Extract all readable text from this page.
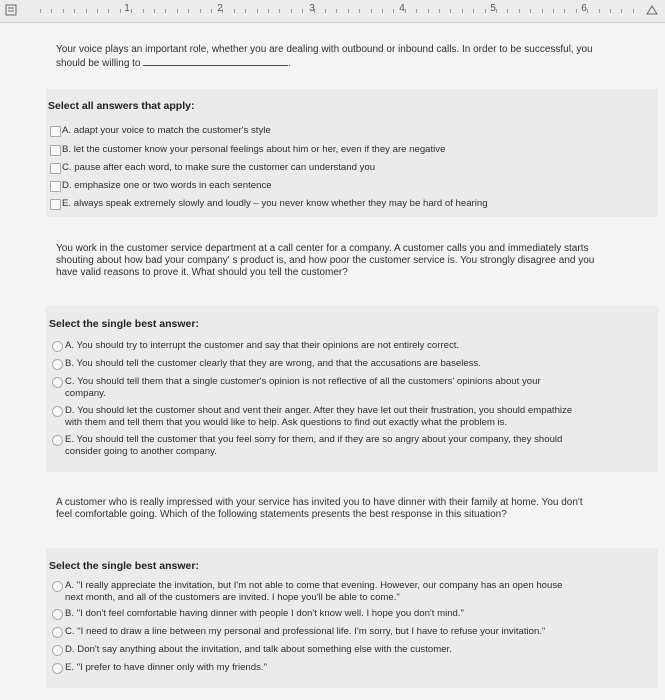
1	2	3	4	5	6
Your voice plays an important role, whether you are dealing with outbound or inbound calls. In order to be successful, you
should be willing to	.
Select all answers that apply:
A. adapt your voice to match the customer's style
B. let the customer know your personal feelings about him or her, even if they are negative
C. pause after each word, to make sure the customer can understand you
D. emphasize one or two words in each sentence
E. always speak extremely slowly and loudly – you never know whether they may be hard of hearing
You work in the customer service department at a call center for a company. A customer calls you and immediately starts
shouting about how bad your company' s product is, and how poor the customer service is. You strongly disagree and you
have valid reasons to prove it. What should you tell the customer?
Select the single best answer:
A. You should try to interrupt the customer and say that their opinions are not entirely correct.
B. You should tell the customer clearly that they are wrong, and that the accusations are baseless.
C. You should tell them that a single customer's opinion is not reflective of all the customers' opinions about your
company.
D. You should let the customer shout and vent their anger. After they have let out their frustration, you should empathize
with them and tell them that you would like to help. Ask questions to find out exactly what the problem is.
E. You should tell the customer that you feel sorry for them, and if they are so angry about your company, they should
consider going to another company.
A customer who is really impressed with your service has invited you to have dinner with their family at home. You don't
feel comfortable going. Which of the following statements presents the best response in this situation?
Select the single best answer:
A. "I really appreciate the invitation, but I'm not able to come that evening. However, our company has an open house
next month, and all of the customers are invited. I hope you'll be able to come."
B. "I don't feel comfortable having dinner with people I don't know well. I hope you don't mind."
C. "I need to draw a line between my personal and professional life. I'm sorry, but I have to refuse your invitation."
D. Don't say anything about the invitation, and talk about something else with the customer.
E. "I prefer to have dinner only with my friends."
